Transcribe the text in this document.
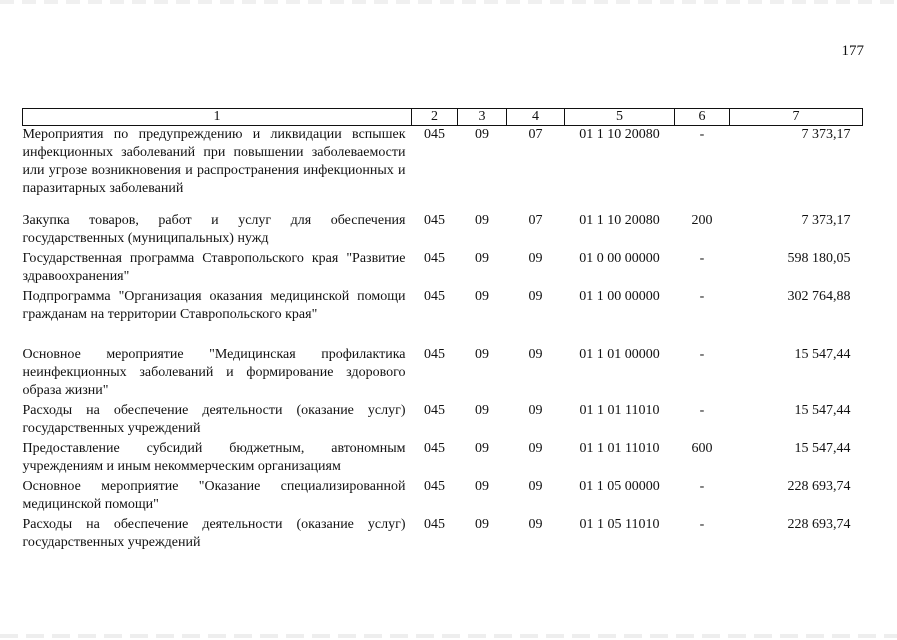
177
1	2	3	4	5	6	7
Мероприятия по предупреждению и ликвидации вспышек инфекционных заболеваний при повышении заболеваемости или угрозе возникновения и распространения инфекционных и паразитарных заболеваний	045	09	07	01 1 10 20080	-	7 373,17
Закупка товаров, работ и услуг для обеспечения государственных (муниципальных) нужд	045	09	07	01 1 10 20080	200	7 373,17
Государственная программа Ставропольского края "Развитие здравоохранения"	045	09	09	01 0 00 00000	-	598 180,05
Подпрограмма "Организация оказания медицинской помощи гражданам на территории Ставропольского края"	045	09	09	01 1 00 00000	-	302 764,88
Основное мероприятие "Медицинская профилактика неинфекционных заболеваний и формирование здорового образа жизни"	045	09	09	01 1 01 00000	-	15 547,44
Расходы на обеспечение деятельности (оказание услуг) государственных учреждений	045	09	09	01 1 01 11010	-	15 547,44
Предоставление субсидий бюджетным, автономным учреждениям и иным некоммерческим организациям	045	09	09	01 1 01 11010	600	15 547,44
Основное мероприятие "Оказание специализированной медицинской помощи"	045	09	09	01 1 05 00000	-	228 693,74
Расходы на обеспечение деятельности (оказание услуг) государственных учреждений	045	09	09	01 1 05 11010	-	228 693,74
